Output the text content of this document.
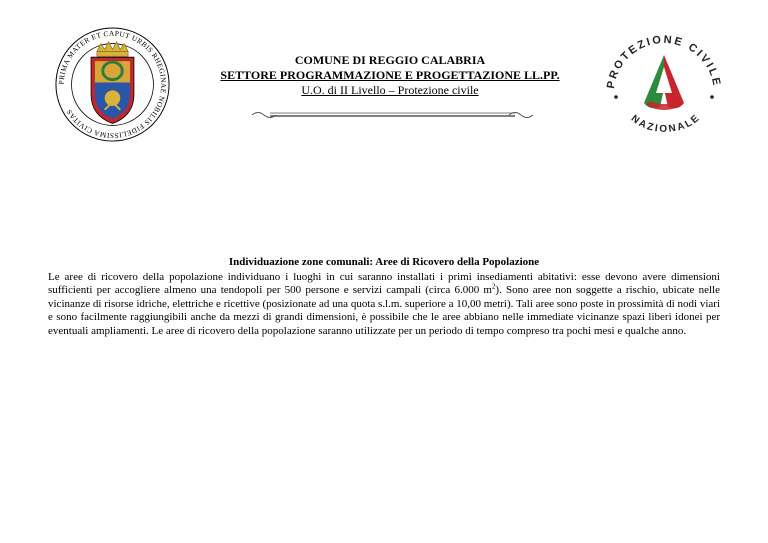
PRIMA MATER ET CAPUT URBIS RHEGINAE NOBILIS FIDELISSIMA CIVITAS
COMUNE DI REGGIO CALABRIA
SETTORE PROGRAMMAZIONE E PROGETTAZIONE LL.PP.
U.O. di II Livello – Protezione civile	PROTEZIONE CIVILE
NAZIONALE
Individuazione zone comunali: Aree di Ricovero della Popolazione

Le aree di ricovero della popolazione individuano i luoghi in cui saranno installati i primi insediamenti abitativi: esse devono avere dimensioni sufficienti per accogliere almeno una tendopoli per 500 persone e servizi campali (circa 6.000 $m^2$). Sono aree non soggette a rischio, ubicate nelle vicinanze di risorse idriche, elettriche e ricettive (posizionate ad una quota s.l.m. superiore a 10,00 metri). Tali aree sono poste in prossimità di nodi viari e sono facilmente raggiungibili anche da mezzi di grandi dimensioni, è possibile che le aree abbiano nelle immediate vicinanze spazi liberi idonei per eventuali ampliamenti. Le aree di ricovero della popolazione saranno utilizzate per un periodo di tempo compreso tra pochi mesi e qualche anno.
